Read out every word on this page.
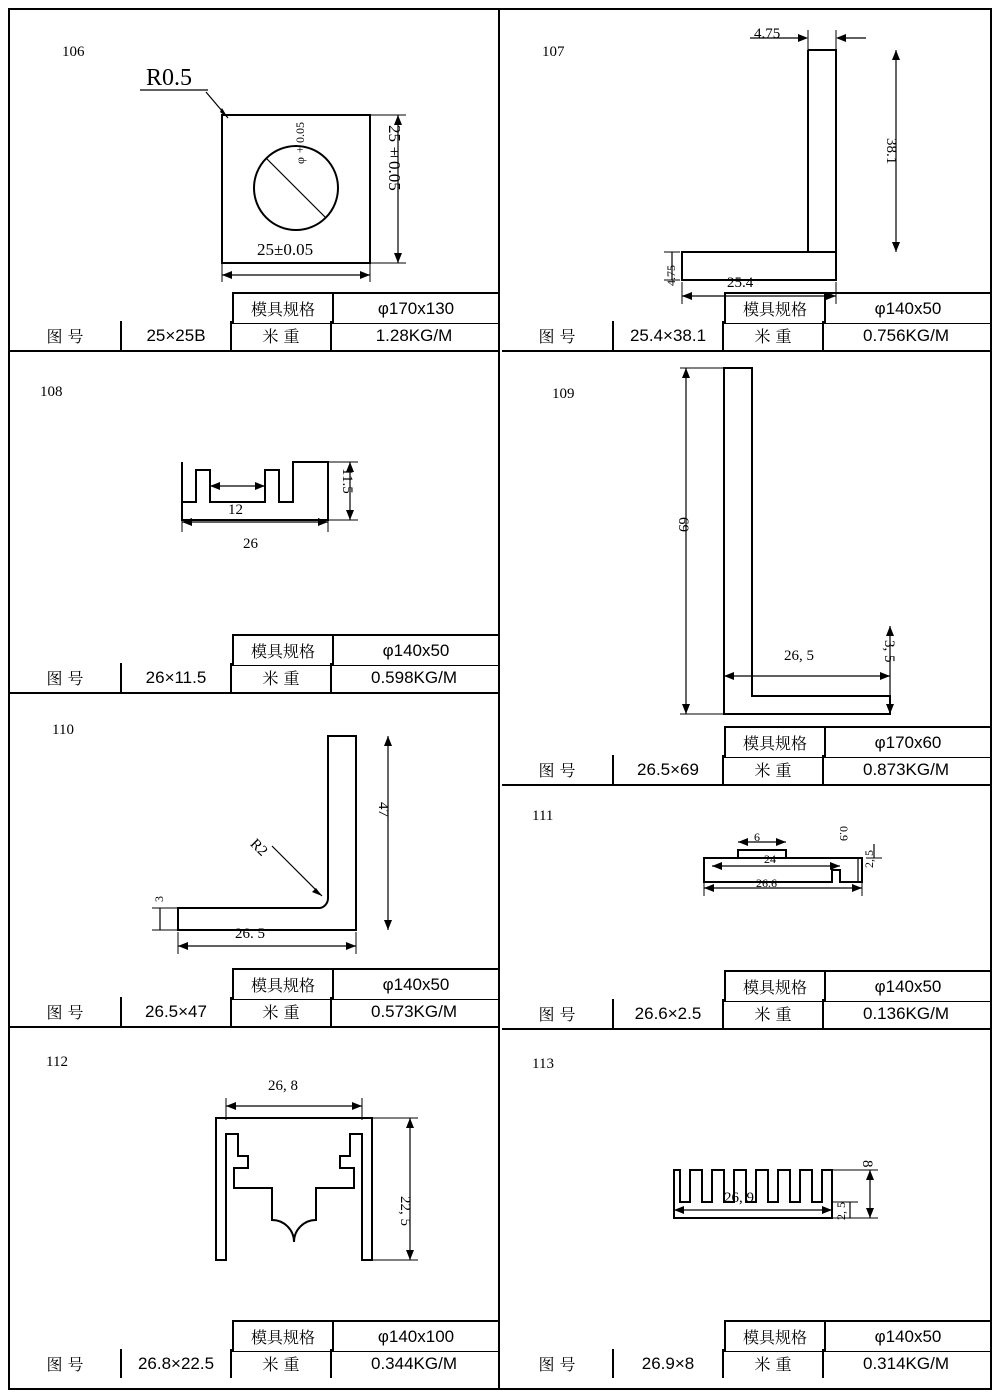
106
R0.5
25±0.05
25±0.05
φ±0.05
模具规格	φ170x130
图 号	25×25B	米 重	1.28KG/M
107
4.75
38.1
25.4
4.75
模具规格	φ140x50
图 号	25.4×38.1	米 重	0.756KG/M
108
12
26
11.5
模具规格	φ140x50
图 号	26×11.5	米 重	0.598KG/M
109
69
26, 5	3, 5
模具规格	φ170x60
图 号	26.5×69	米 重	0.873KG/M
110
47
R2
3
26. 5
模具规格	φ140x50
图 号	26.5×47	米 重	0.573KG/M
111
6
24
26.6
0.9
2, 5
模具规格	φ140x50
图 号	26.6×2.5	米 重	0.136KG/M
112
26, 8
22, 5
模具规格	φ140x100
图 号	26.8×22.5	米 重	0.344KG/M
113
26, 9
8
2, 5
模具规格	φ140x50
图 号	26.9×8	米 重	0.314KG/M
